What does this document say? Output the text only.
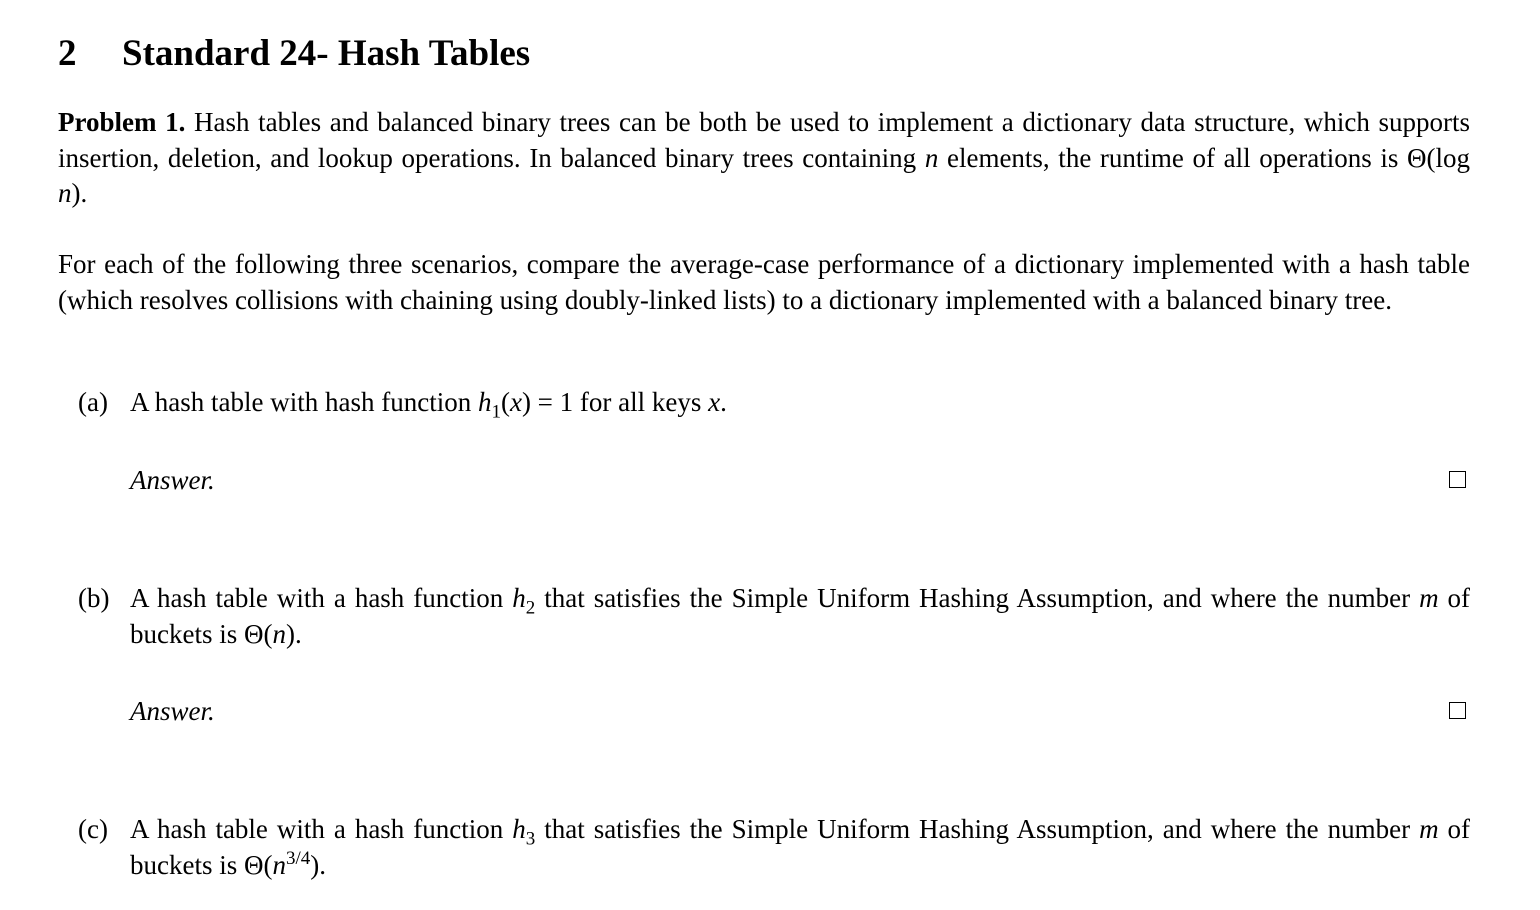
2 Standard 24- Hash Tables
Problem 1. Hash tables and balanced binary trees can be both be used to implement a dictionary data structure, which supports insertion, deletion, and lookup operations. In balanced binary trees containing n elements, the runtime of all operations is Θ(log n).
For each of the following three scenarios, compare the average-case performance of a dictionary implemented with a hash table (which resolves collisions with chaining using doubly-linked lists) to a dictionary implemented with a balanced binary tree.
(a) A hash table with hash function $h_1(x) = 1$ for all keys x.
Answer.
(b) A hash table with a hash function $h_2$ that satisfies the Simple Uniform Hashing Assumption, and where the number m of buckets is Θ(n).
Answer.
(c) A hash table with a hash function $h_3$ that satisfies the Simple Uniform Hashing Assumption, and where the number m of buckets is $\Theta(n^{3/4})$.
